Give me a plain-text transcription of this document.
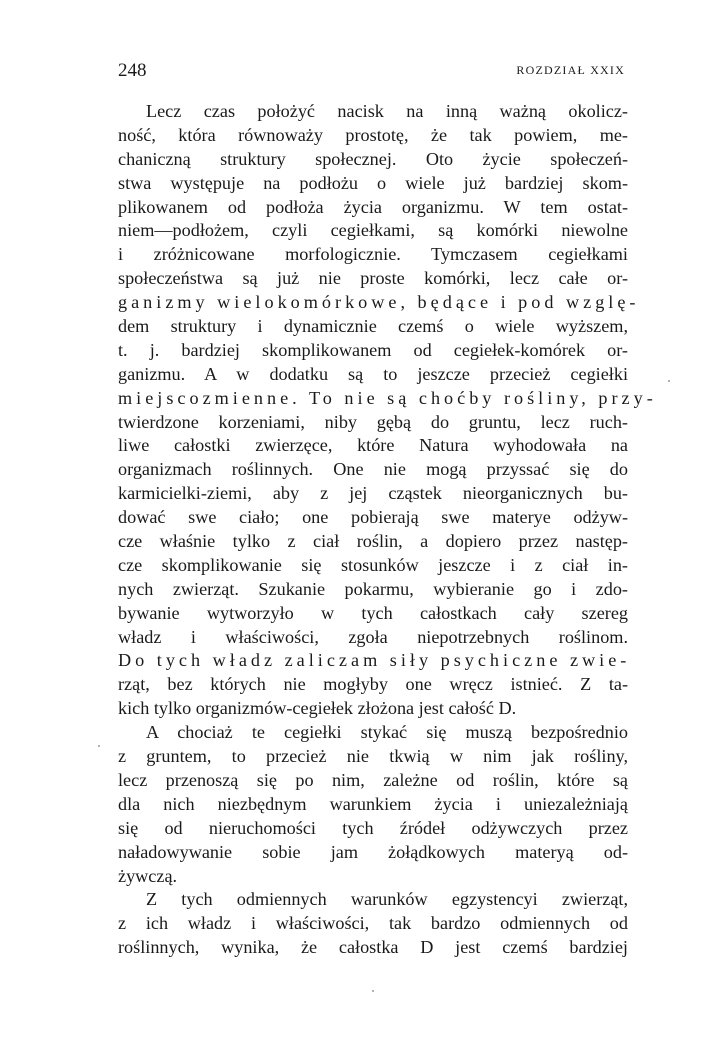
248	ROZDZIAŁ XXIX
Lecz czas położyć nacisk na inną ważną okolicz-
ność, która równoważy prostotę, że tak powiem, me-
chaniczną struktury społecznej. Oto życie społeczeń-
stwa występuje na podłożu o wiele już bardziej skom-
plikowanem od podłoża życia organizmu. W tem ostat-
niem—podłożem, czyli cegiełkami, są komórki niewolne
i zróżnicowane morfologicznie. Tymczasem cegiełkami
społeczeństwa są już nie proste komórki, lecz całe or-
ganizmy wielokomórkowe, będące i pod wzglę-
dem struktury i dynamicznie czemś o wiele wyższem,
t. j. bardziej skomplikowanem od cegiełek-komórek or-
ganizmu. A w dodatku są to jeszcze przecież cegiełki
miejscozmienne. To nie są choćby rośliny, przy-
twierdzone korzeniami, niby gębą do gruntu, lecz ruch-
liwe całostki zwierzęce, które Natura wyhodowała na
organizmach roślinnych. One nie mogą przyssać się do
karmicielki-ziemi, aby z jej cząstek nieorganicznych bu-
dować swe ciało; one pobierają swe materye odżyw-
cze właśnie tylko z ciał roślin, a dopiero przez następ-
cze skomplikowanie się stosunków jeszcze i z ciał in-
nych zwierząt. Szukanie pokarmu, wybieranie go i zdo-
bywanie wytworzyło w tych całostkach cały szereg
władz i właściwości, zgoła niepotrzebnych roślinom.
Do tych władz zaliczam siły psychiczne zwie-
rząt, bez których nie mogłyby one wręcz istnieć. Z ta-
kich tylko organizmów-cegiełek złożona jest całość D.
A chociaż te cegiełki stykać się muszą bezpośrednio
z gruntem, to przecież nie tkwią w nim jak rośliny,
lecz przenoszą się po nim, zależne od roślin, które są
dla nich niezbędnym warunkiem życia i uniezależniają
się od nieruchomości tych źródeł odżywczych przez
naładowywanie sobie jam żołądkowych materyą od-
żywczą.
Z tych odmiennych warunków egzystencyi zwierząt,
z ich władz i właściwości, tak bardzo odmiennych od
roślinnych, wynika, że całostka D jest czemś bardziej
